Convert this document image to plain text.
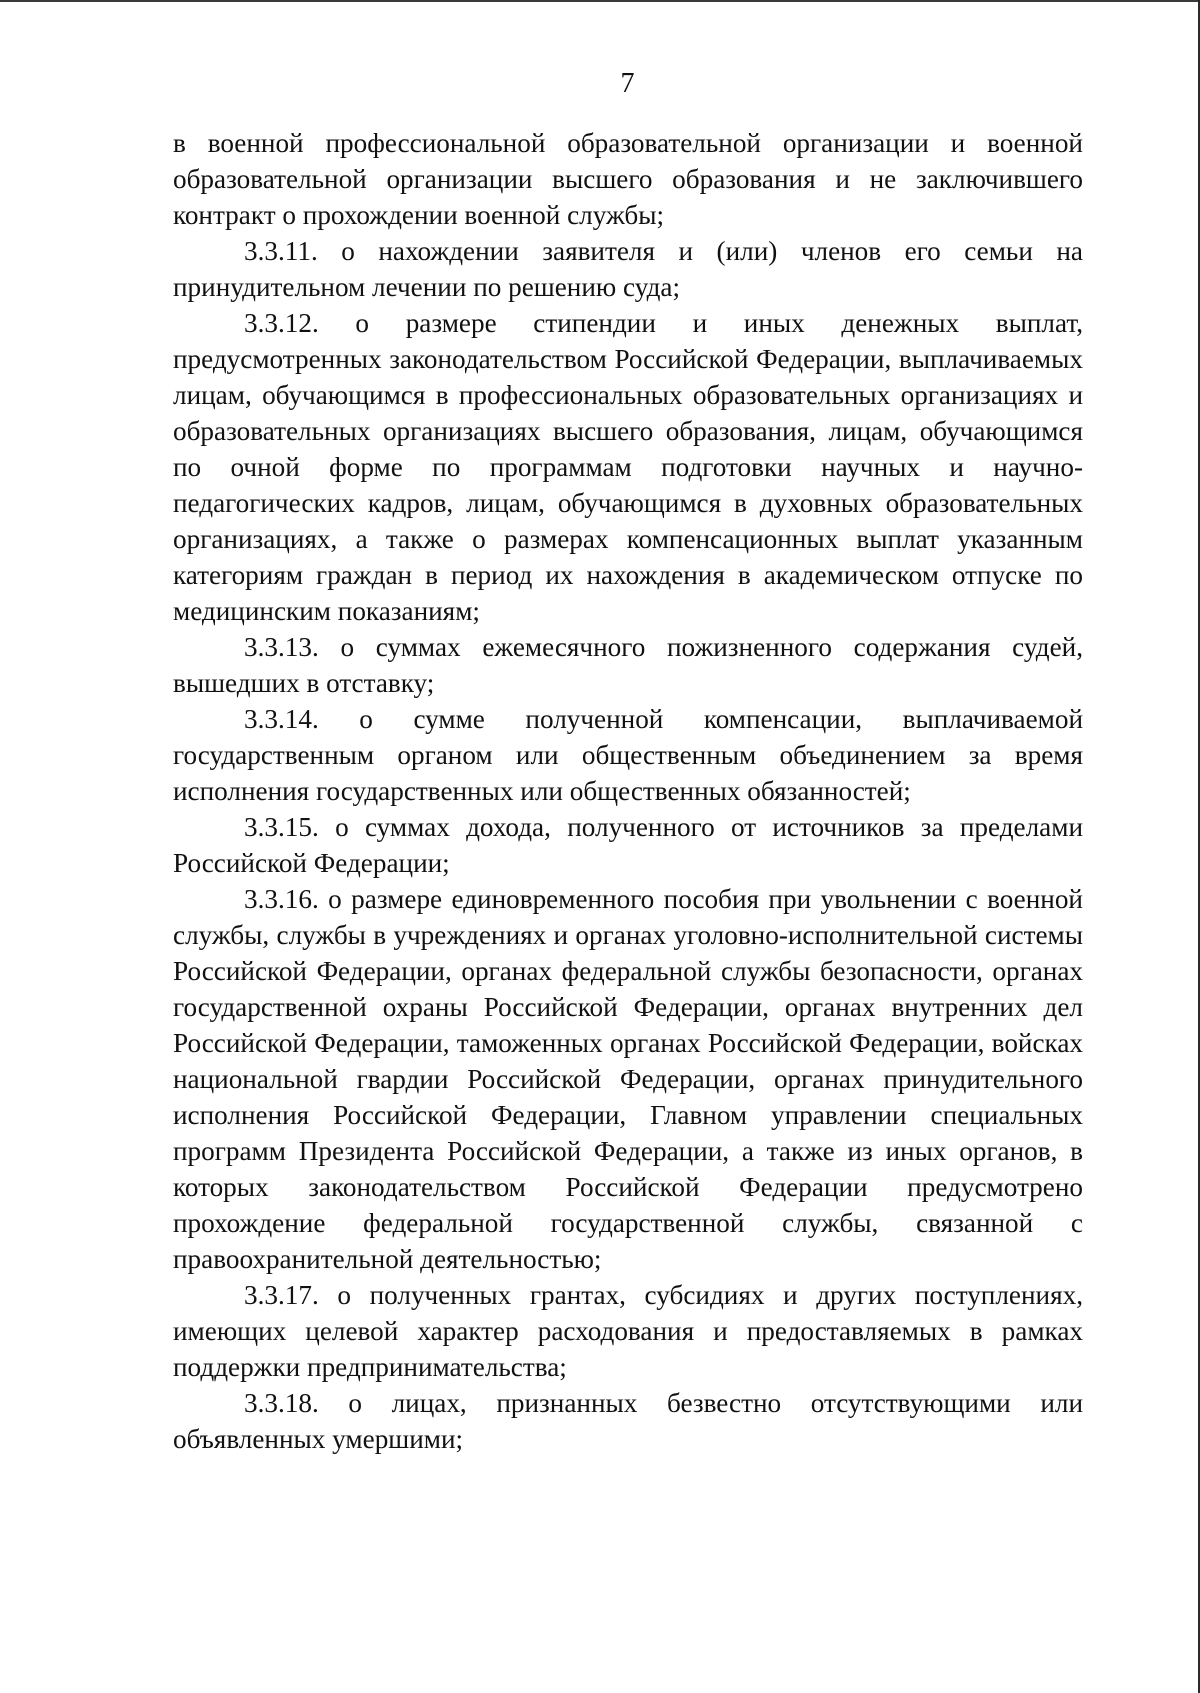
7

в военной профессиональной образовательной организации и военной образовательной организации высшего образования и не заключившего контракт о прохождении военной службы;

3.3.11. о нахождении заявителя и (или) членов его семьи на принудительном лечении по решению суда;

3.3.12. о размере стипендии и иных денежных выплат, предусмотренных законодательством Российской Федерации, выплачиваемых лицам, обучающимся в профессиональных образовательных организациях и образовательных организациях высшего образования, лицам, обучающимся по очной форме по программам подготовки научных и научно-педагогических кадров, лицам, обучающимся в духовных образовательных организациях, а также о размерах компенсационных выплат указанным категориям граждан в период их нахождения в академическом отпуске по медицинским показаниям;

3.3.13. о суммах ежемесячного пожизненного содержания судей, вышедших в отставку;

3.3.14. о сумме полученной компенсации, выплачиваемой государственным органом или общественным объединением за время исполнения государственных или общественных обязанностей;

3.3.15. о суммах дохода, полученного от источников за пределами Российской Федерации;

3.3.16. о размере единовременного пособия при увольнении с военной службы, службы в учреждениях и органах уголовно-исполнительной системы Российской Федерации, органах федеральной службы безопасности, органах государственной охраны Российской Федерации, органах внутренних дел Российской Федерации, таможенных органах Российской Федерации, войсках национальной гвардии Российской Федерации, органах принудительного исполнения Российской Федерации, Главном управлении специальных программ Президента Российской Федерации, а также из иных органов, в которых законодательством Российской Федерации предусмотрено прохождение федеральной государственной службы, связанной с правоохранительной деятельностью;

3.3.17. о полученных грантах, субсидиях и других поступлениях, имеющих целевой характер расходования и предоставляемых в рамках поддержки предпринимательства;

3.3.18. о лицах, признанных безвестно отсутствующими или объявленных умершими;
